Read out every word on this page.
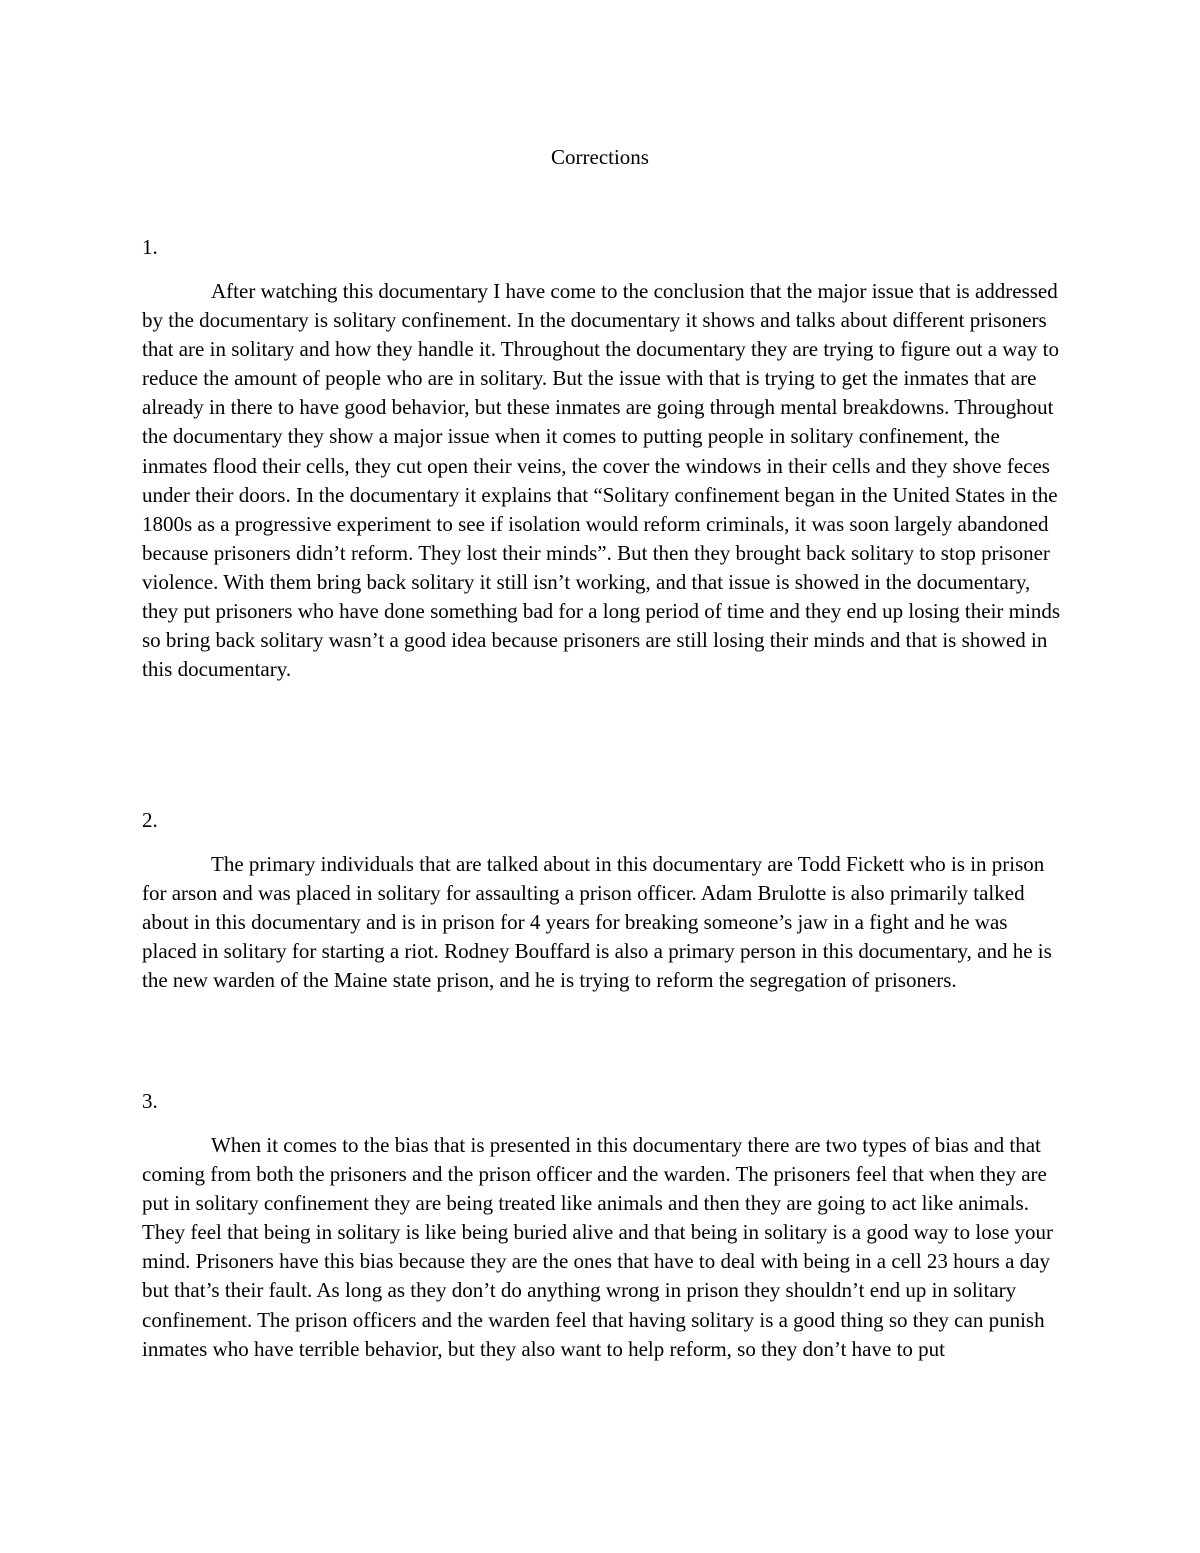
Corrections
1.

After watching this documentary I have come to the conclusion that the major issue that is addressed by the documentary is solitary confinement. In the documentary it shows and talks about different prisoners that are in solitary and how they handle it. Throughout the documentary they are trying to figure out a way to reduce the amount of people who are in solitary. But the issue with that is trying to get the inmates that are already in there to have good behavior, but these inmates are going through mental breakdowns. Throughout the documentary they show a major issue when it comes to putting people in solitary confinement, the inmates flood their cells, they cut open their veins, the cover the windows in their cells and they shove feces under their doors. In the documentary it explains that “Solitary confinement began in the United States in the 1800s as a progressive experiment to see if isolation would reform criminals, it was soon largely abandoned because prisoners didn’t reform. They lost their minds”. But then they brought back solitary to stop prisoner violence. With them bring back solitary it still isn’t working, and that issue is showed in the documentary, they put prisoners who have done something bad for a long period of time and they end up losing their minds so bring back solitary wasn’t a good idea because prisoners are still losing their minds and that is showed in this documentary.

2.

The primary individuals that are talked about in this documentary are Todd Fickett who is in prison for arson and was placed in solitary for assaulting a prison officer. Adam Brulotte is also primarily talked about in this documentary and is in prison for 4 years for breaking someone’s jaw in a fight and he was placed in solitary for starting a riot. Rodney Bouffard is also a primary person in this documentary, and he is the new warden of the Maine state prison, and he is trying to reform the segregation of prisoners.

3.

When it comes to the bias that is presented in this documentary there are two types of bias and that coming from both the prisoners and the prison officer and the warden. The prisoners feel that when they are put in solitary confinement they are being treated like animals and then they are going to act like animals. They feel that being in solitary is like being buried alive and that being in solitary is a good way to lose your mind. Prisoners have this bias because they are the ones that have to deal with being in a cell 23 hours a day but that’s their fault. As long as they don’t do anything wrong in prison they shouldn’t end up in solitary confinement. The prison officers and the warden feel that having solitary is a good thing so they can punish inmates who have terrible behavior, but they also want to help reform, so they don’t have to put
